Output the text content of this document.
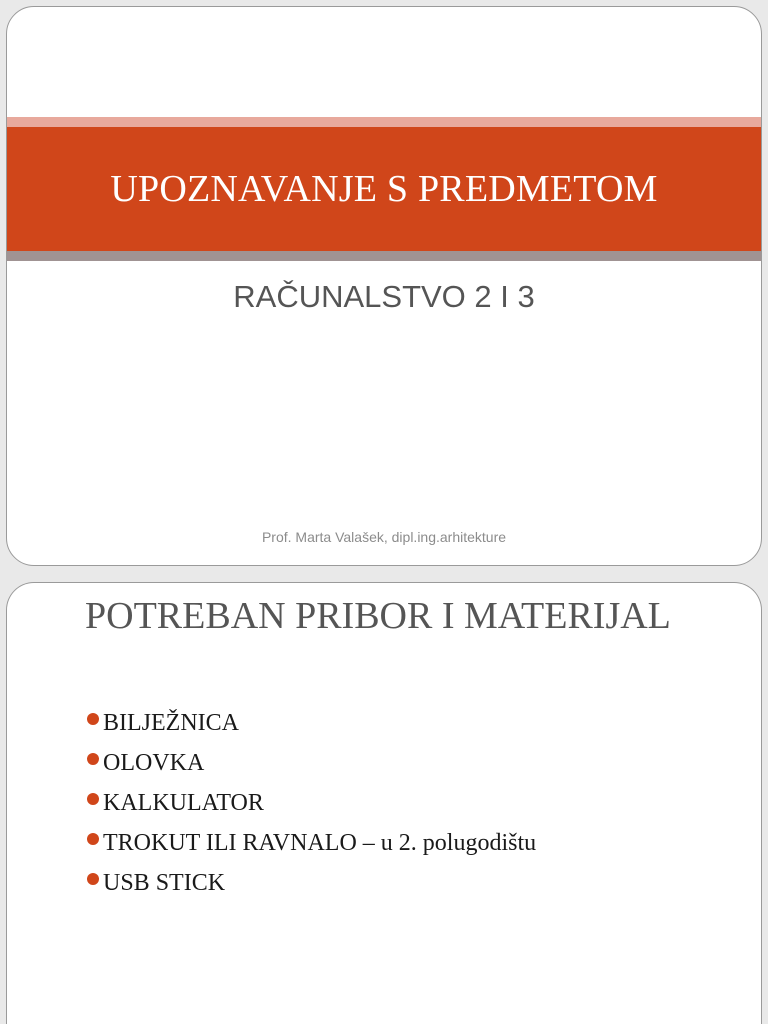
UPOZNAVANJE S PREDMETOM
RAČUNALSTVO 2 I 3
Prof. Marta Valašek, dipl.ing.arhitekture
POTREBAN PRIBOR I MATERIJAL
BILJEŽNICA
OLOVKA
KALKULATOR
TROKUT ILI RAVNALO – u 2. polugodištu
USB STICK
